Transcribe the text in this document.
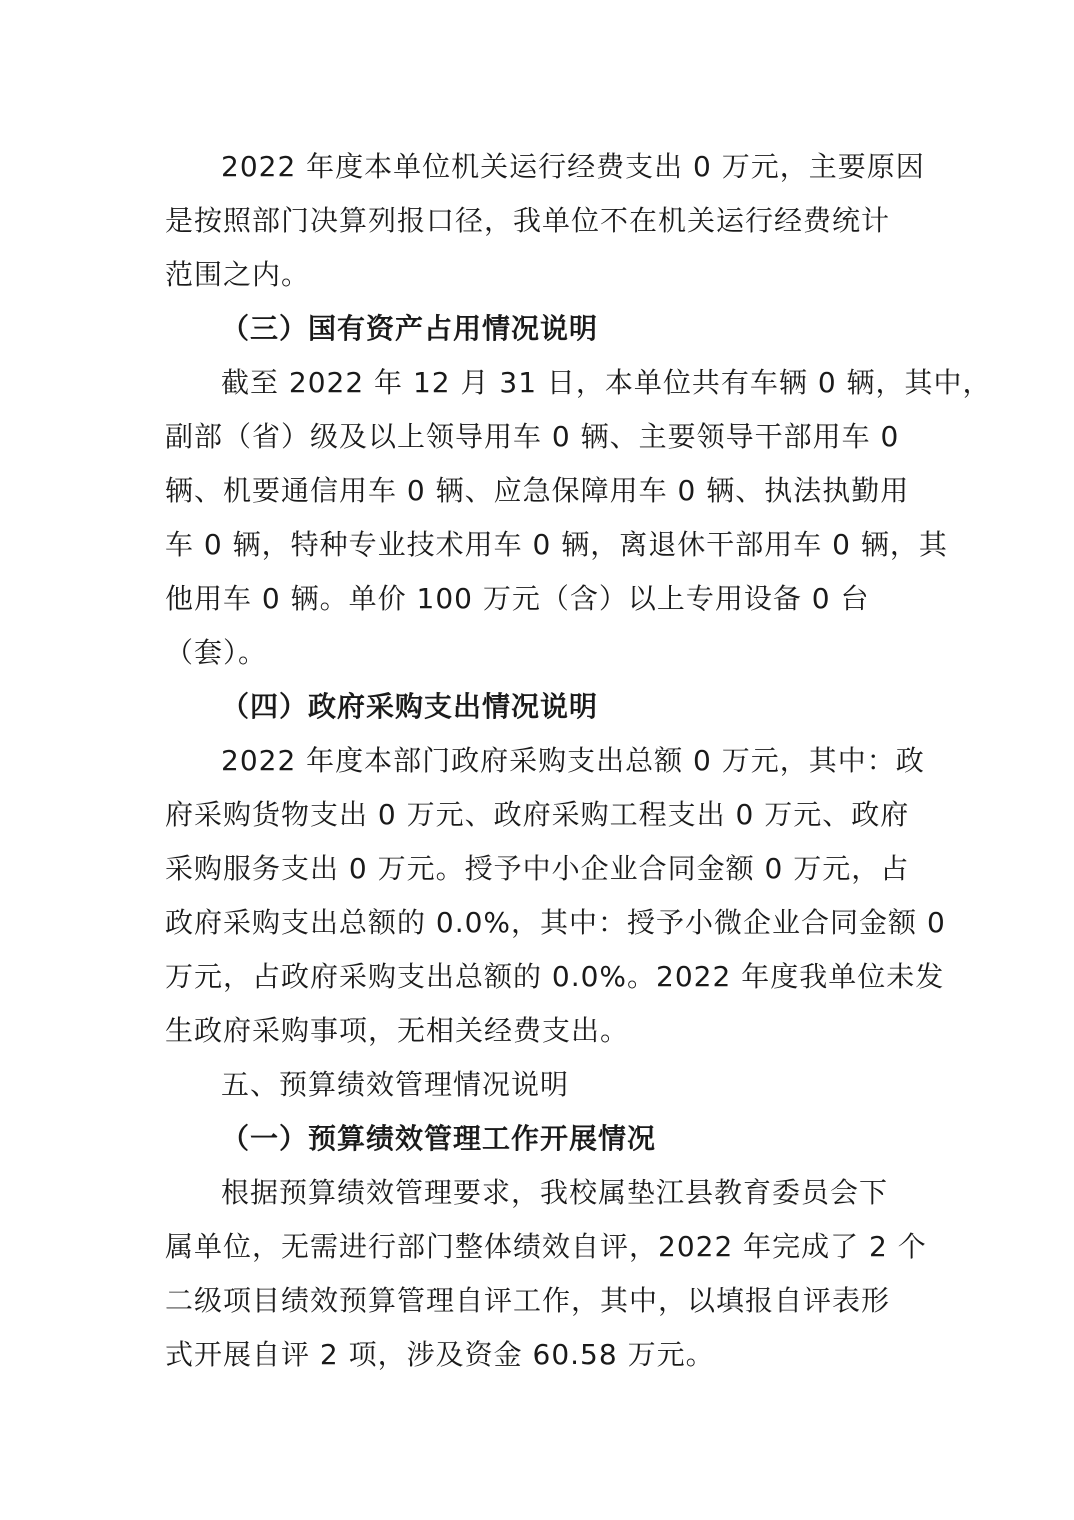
2022 年度本单位机关运行经费支出 0 万元，主要原因
是按照部门决算列报口径，我单位不在机关运行经费统计
范围之内。
（三）国有资产占用情况说明
截至 2022 年 12 月 31 日，本单位共有车辆 0 辆，其中，
副部（省）级及以上领导用车 0 辆、主要领导干部用车 0
辆、机要通信用车 0 辆、应急保障用车 0 辆、执法执勤用
车 0 辆，特种专业技术用车 0 辆，离退休干部用车 0 辆，其
他用车 0 辆。单价 100 万元（含）以上专用设备 0 台
（套）。
（四）政府采购支出情况说明
2022 年度本部门政府采购支出总额 0 万元，其中：政
府采购货物支出 0 万元、政府采购工程支出 0 万元、政府
采购服务支出 0 万元。授予中小企业合同金额 0 万元，占
政府采购支出总额的 0.0%，其中：授予小微企业合同金额 0
万元，占政府采购支出总额的 0.0%。2022 年度我单位未发
生政府采购事项，无相关经费支出。
五、预算绩效管理情况说明
（一）预算绩效管理工作开展情况
根据预算绩效管理要求，我校属垫江县教育委员会下
属单位，无需进行部门整体绩效自评，2022 年完成了 2 个
二级项目绩效预算管理自评工作，其中，以填报自评表形
式开展自评 2 项，涉及资金 60.58 万元。
